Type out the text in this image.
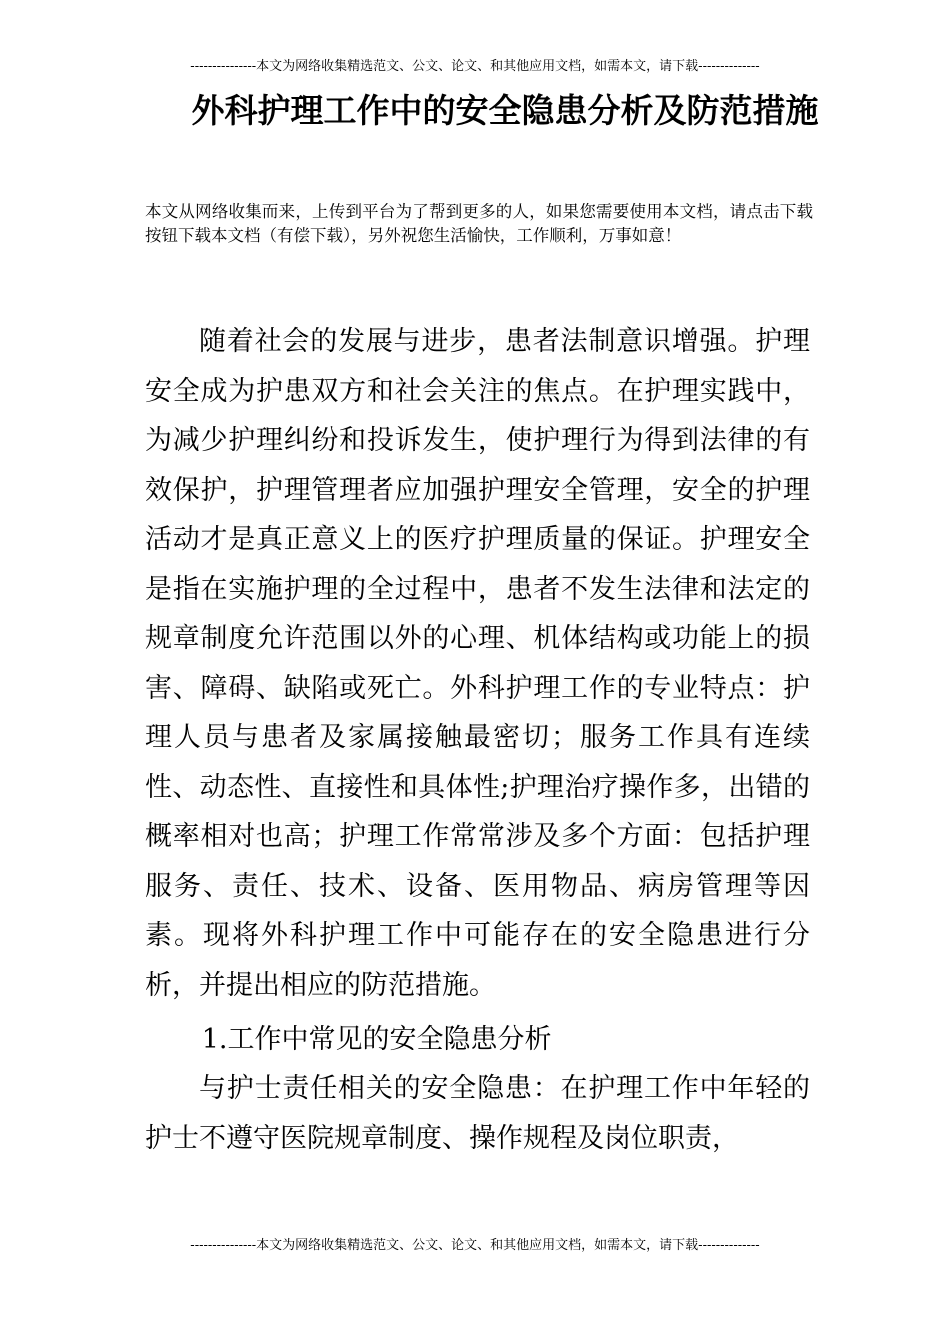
---------------本文为网络收集精选范文、公文、论文、和其他应用文档，如需本文，请下载--------------
外科护理工作中的安全隐患分析及防范措施
本文从网络收集而来，上传到平台为了帮到更多的人，如果您需要使用本文档，请点击下载按钮下载本文档（有偿下载），另外祝您生活愉快，工作顺利，万事如意！

随着社会的发展与进步，患者法制意识增强。护理安全成为护患双方和社会关注的焦点。在护理实践中，为减少护理纠纷和投诉发生，使护理行为得到法律的有效保护，护理管理者应加强护理安全管理，安全的护理活动才是真正意义上的医疗护理质量的保证。护理安全是指在实施护理的全过程中，患者不发生法律和法定的规章制度允许范围以外的心理、机体结构或功能上的损害、障碍、缺陷或死亡。外科护理工作的专业特点：护理人员与患者及家属接触最密切；服务工作具有连续性、动态性、直接性和具体性;护理治疗操作多，出错的概率相对也高；护理工作常常涉及多个方面：包括护理服务、责任、技术、设备、医用物品、病房管理等因素。现将外科护理工作中可能存在的安全隐患进行分析，并提出相应的防范措施。

1.工作中常见的安全隐患分析

与护士责任相关的安全隐患：在护理工作中年轻的护士不遵守医院规章制度、操作规程及岗位职责，

---------------本文为网络收集精选范文、公文、论文、和其他应用文档，如需本文，请下载--------------
